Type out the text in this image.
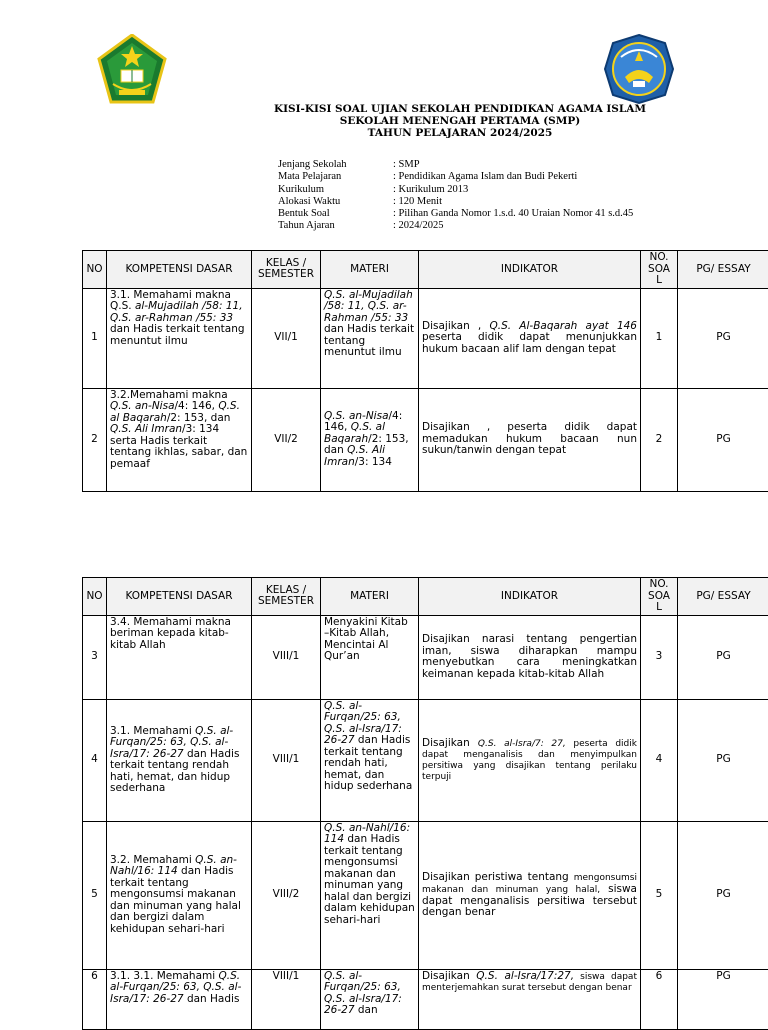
KISI-KISI SOAL UJIAN SEKOLAH PENDIDIKAN AGAMA ISLAM
SEKOLAH MENENGAH PERTAMA (SMP)
TAHUN PELAJARAN 2024/2025
Jenjang Sekolah	: SMP
Mata Pelajaran	: Pendidikan Agama Islam dan Budi Pekerti
Kurikulum	: Kurikulum 2013
Alokasi Waktu	: 120 Menit
Bentuk Soal	: Pilihan Ganda Nomor 1.s.d. 40 Uraian Nomor 41 s.d.45
Tahun Ajaran	: 2024/2025
NO	KOMPETENSI DASAR	KELAS / SEMESTER	MATERI	INDIKATOR	NO. SOA L	PG/ ESSAY
1	3.1. Memahami makna Q.S. al-Mujadilah /58: 11, Q.S. ar-Rahman /55: 33 dan Hadis terkait tentang menuntut ilmu	VII/1	Q.S. al-Mujadilah /58: 11, Q.S. ar-Rahman /55: 33 dan Hadis terkait tentang menuntut ilmu	Disajikan , Q.S. Al-Baqarah ayat 146 peserta didik dapat menunjukkan hukum bacaan alif lam dengan tepat	1	PG
2	3.2.Memahami makna Q.S. an-Nisa/4: 146, Q.S. al Baqarah/2: 153, dan Q.S. Ali Imran/3: 134 serta Hadis terkait tentang ikhlas, sabar, dan pemaaf	VII/2	Q.S. an-Nisa/4: 146, Q.S. al Baqarah/2: 153, dan Q.S. Ali Imran/3: 134	Disajikan , peserta didik dapat memadukan hukum bacaan nun sukun/tanwin dengan tepat	2	PG
NO	KOMPETENSI DASAR	KELAS / SEMESTER	MATERI	INDIKATOR	NO. SOA L	PG/ ESSAY
3	3.4. Memahami makna beriman kepada kitab-kitab Allah	VIII/1	Menyakini Kitab –Kitab Allah, Mencintai Al Qur’an	Disajikan narasi tentang pengertian iman, siswa diharapkan mampu menyebutkan cara meningkatkan keimanan kepada kitab-kitab Allah	3	PG
4	3.1. Memahami Q.S. al-Furqan/25: 63, Q.S. al-Isra/17: 26-27 dan Hadis terkait tentang rendah hati, hemat, dan hidup sederhana	VIII/1	Q.S. al-Furqan/25: 63, Q.S. al-Isra/17: 26-27 dan Hadis terkait tentang rendah hati, hemat, dan hidup sederhana	Disajikan Q.S. al-Isra/7: 27, peserta didik dapat menganalisis dan menyimpulkan persitiwa yang disajikan tentang perilaku terpuji	4	PG
5	3.2. Memahami Q.S. an-Nahl/16: 114 dan Hadis terkait tentang mengonsumsi makanan dan minuman yang halal dan bergizi dalam kehidupan sehari-hari	VIII/2	Q.S. an-Nahl/16: 114 dan Hadis terkait tentang mengonsumsi makanan dan minuman yang halal dan bergizi dalam kehidupan sehari-hari	Disajikan peristiwa tentang mengonsumsi makanan dan minuman yang halal, siswa dapat menganalisis persitiwa tersebut dengan benar	5	PG
6	3.1. 3.1. Memahami Q.S. al-Furqan/25: 63, Q.S. al-Isra/17: 26-27 dan Hadis	VIII/1	Q.S. al-Furqan/25: 63, Q.S. al-Isra/17: 26-27 dan	Disajikan Q.S. al-Isra/17:27, siswa dapat menterjemahkan surat tersebut dengan benar	6	PG
